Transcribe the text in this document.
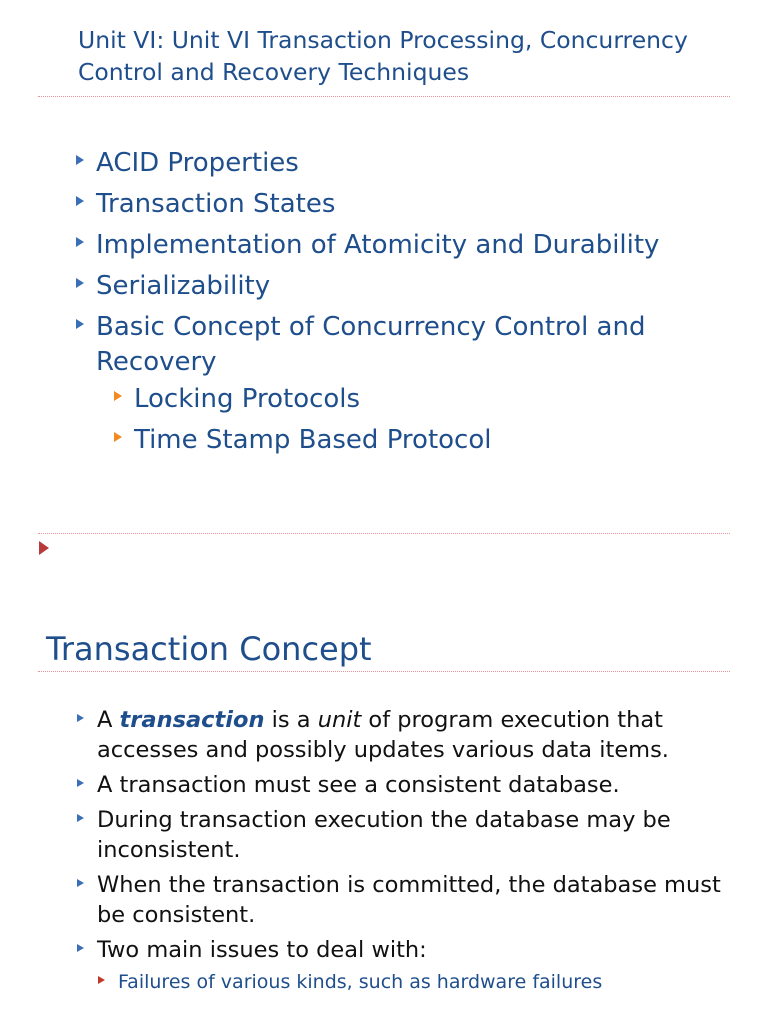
Unit VI: Unit VI Transaction Processing, Concurrency Control and Recovery Techniques
ACID Properties
Transaction States
Implementation of Atomicity and Durability
Serializability
Basic Concept of Concurrency Control and Recovery
Locking Protocols
Time Stamp Based Protocol
Transaction Concept
A transaction is a unit of program execution that accesses and possibly updates various data items.
A transaction must see a consistent database.
During transaction execution the database may be inconsistent.
When the transaction is committed, the database must be consistent.
Two main issues to deal with:
Failures of various kinds, such as hardware failures
